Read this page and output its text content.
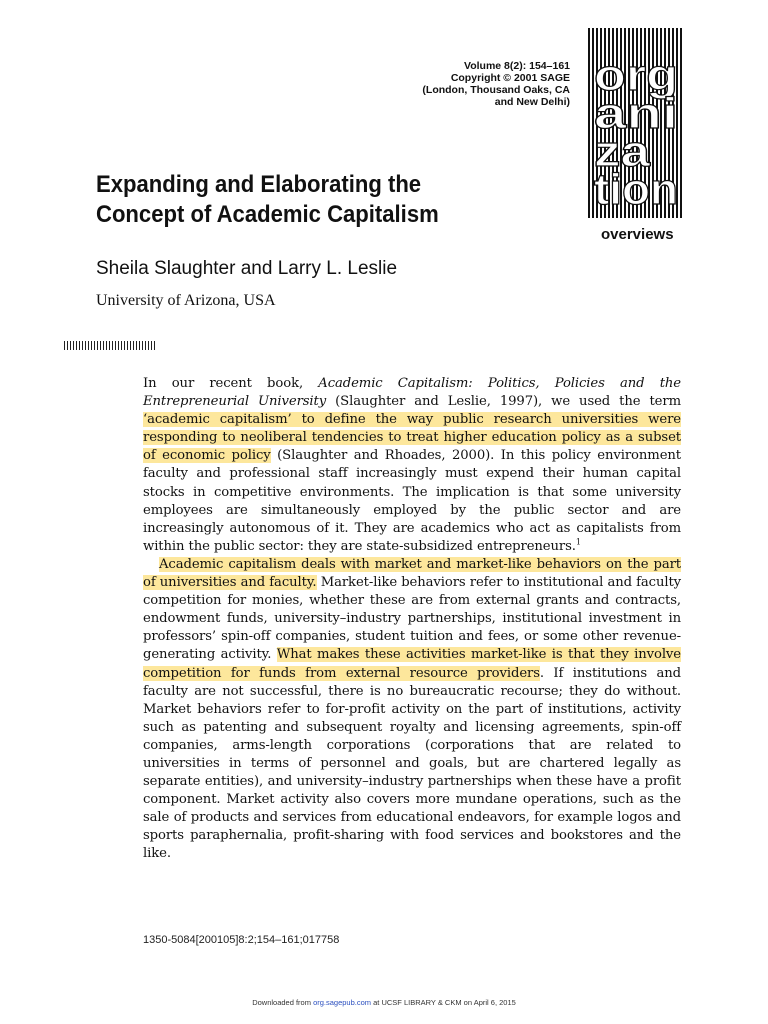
Volume 8(2): 154–161
Copyright © 2001 SAGE
(London, Thousand Oaks, CA
and New Delhi)
org
ani
za
tion
overviews
Expanding and Elaborating the
Concept of Academic Capitalism
Sheila Slaughter and Larry L. Leslie
University of Arizona, USA

In our recent book, Academic Capitalism: Politics, Policies and the Entrepreneurial University (Slaughter and Leslie, 1997), we used the term ‘academic capitalism’ to define the way public research universities were responding to neoliberal tendencies to treat higher education policy as a subset of economic policy (Slaughter and Rhoades, 2000). In this policy environment faculty and professional staff increasingly must expend their human capital stocks in competitive environments. The implication is that some university employees are simultaneously employed by the public sector and are increasingly autonomous of it. They are academics who act as capitalists from within the public sector: they are state-subsidized entrepreneurs.$^1$

Academic capitalism deals with market and market-like behaviors on the part of universities and faculty. Market-like behaviors refer to institutional and faculty competition for monies, whether these are from external grants and contracts, endowment funds, university–industry partnerships, institutional investment in professors’ spin-off companies, student tuition and fees, or some other revenue-generating activity. What makes these activities market-like is that they involve competition for funds from external resource providers. If institutions and faculty are not successful, there is no bureaucratic recourse; they do without. Market behaviors refer to for-profit activity on the part of institutions, activity such as patenting and subsequent royalty and licensing agreements, spin-off companies, arms-length corporations (corporations that are related to universities in terms of personnel and goals, but are chartered legally as separate entities), and university–industry partnerships when these have a profit component. Market activity also covers more mundane operations, such as the sale of products and services from educational endeavors, for example logos and sports paraphernalia, profit-sharing with food services and bookstores and the like.

1350-5084[200105]8:2;154–161;017758
Downloaded from org.sagepub.com at UCSF LIBRARY & CKM on April 6, 2015
